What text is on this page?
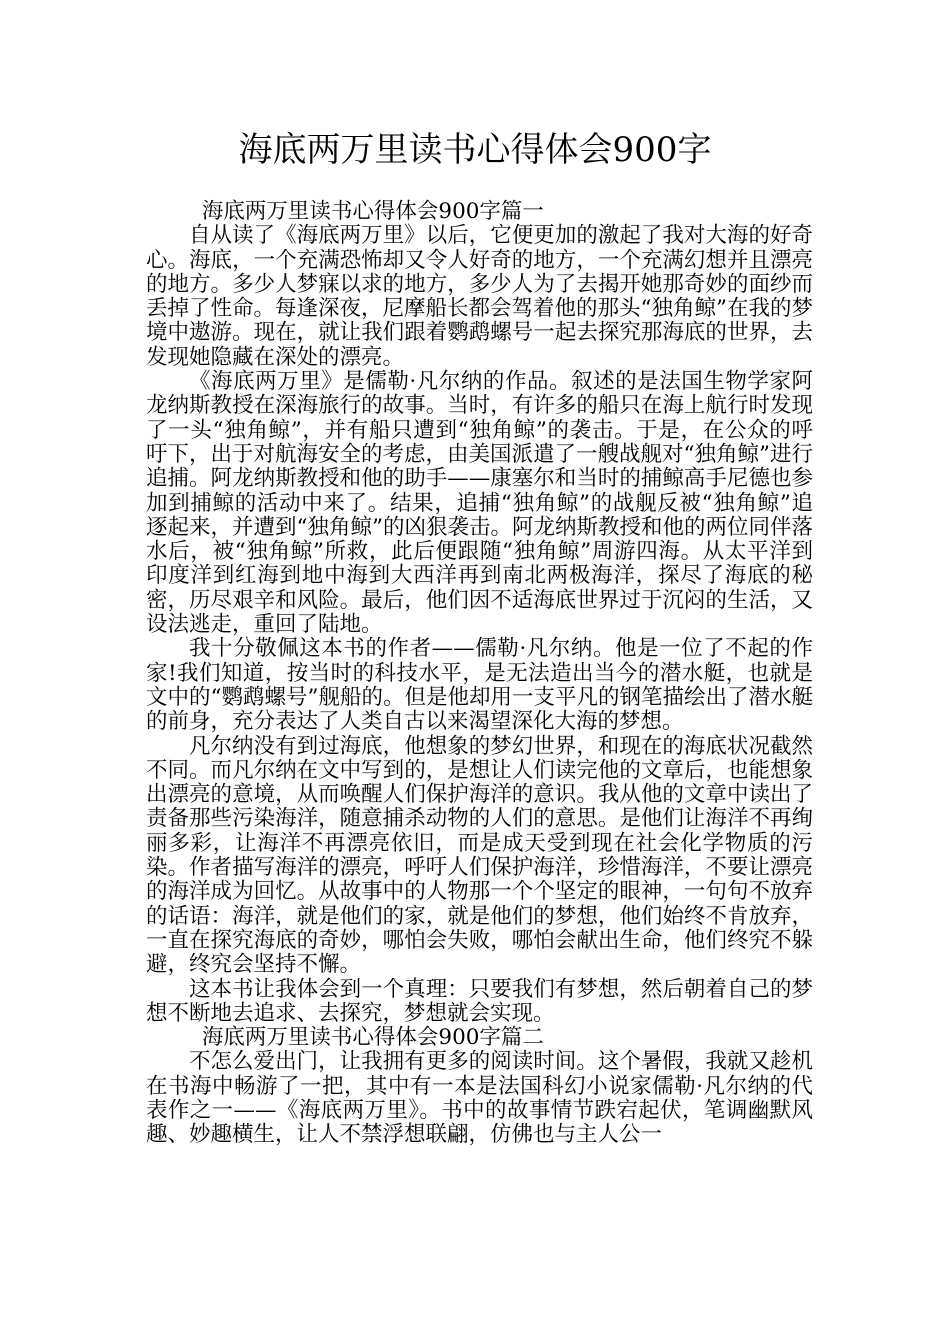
海底两万里读书心得体会900字

海底两万里读书心得体会900字篇一

自从读了《海底两万里》以后，它便更加的激起了我对大海的好奇心。海底，一个充满恐怖却又令人好奇的地方，一个充满幻想并且漂亮的地方。多少人梦寐以求的地方，多少人为了去揭开她那奇妙的面纱而丢掉了性命。每逢深夜，尼摩船长都会驾着他的那头“独角鲸”在我的梦境中遨游。现在，就让我们跟着鹦鹉螺号一起去探究那海底的世界，去发现她隐藏在深处的漂亮。

《海底两万里》是儒勒·凡尔纳的作品。叙述的是法国生物学家阿龙纳斯教授在深海旅行的故事。当时，有许多的船只在海上航行时发现了一头“独角鲸”，并有船只遭到“独角鲸”的袭击。于是，在公众的呼吁下，出于对航海安全的考虑，由美国派遣了一艘战舰对“独角鲸”进行追捕。阿龙纳斯教授和他的助手——康塞尔和当时的捕鲸高手尼德也参加到捕鲸的活动中来了。结果，追捕“独角鲸”的战舰反被“独角鲸”追逐起来，并遭到“独角鲸”的凶狠袭击。阿龙纳斯教授和他的两位同伴落水后，被“独角鲸”所救，此后便跟随“独角鲸”周游四海。从太平洋到印度洋到红海到地中海到大西洋再到南北两极海洋，探尽了海底的秘密，历尽艰辛和风险。最后，他们因不适海底世界过于沉闷的生活，又设法逃走，重回了陆地。

我十分敬佩这本书的作者——儒勒·凡尔纳。他是一位了不起的作家!我们知道，按当时的科技水平，是无法造出当今的潜水艇，也就是文中的“鹦鹉螺号”舰船的。但是他却用一支平凡的钢笔描绘出了潜水艇的前身，充分表达了人类自古以来渴望深化大海的梦想。

凡尔纳没有到过海底，他想象的梦幻世界，和现在的海底状况截然不同。而凡尔纳在文中写到的，是想让人们读完他的文章后，也能想象出漂亮的意境，从而唤醒人们保护海洋的意识。我从他的文章中读出了责备那些污染海洋，随意捕杀动物的人们的意思。是他们让海洋不再绚丽多彩，让海洋不再漂亮依旧，而是成天受到现在社会化学物质的污染。作者描写海洋的漂亮，呼吁人们保护海洋，珍惜海洋，不要让漂亮的海洋成为回忆。从故事中的人物那一个个坚定的眼神，一句句不放弃的话语：海洋，就是他们的家，就是他们的梦想，他们始终不肯放弃，一直在探究海底的奇妙，哪怕会失败，哪怕会献出生命，他们终究不躲避，终究会坚持不懈。

这本书让我体会到一个真理：只要我们有梦想，然后朝着自己的梦想不断地去追求、去探究，梦想就会实现。

海底两万里读书心得体会900字篇二

不怎么爱出门，让我拥有更多的阅读时间。这个暑假，我就又趁机在书海中畅游了一把，其中有一本是法国科幻小说家儒勒·凡尔纳的代表作之一——《海底两万里》。书中的故事情节跌宕起伏，笔调幽默风趣、妙趣横生，让人不禁浮想联翩，仿佛也与主人公一
